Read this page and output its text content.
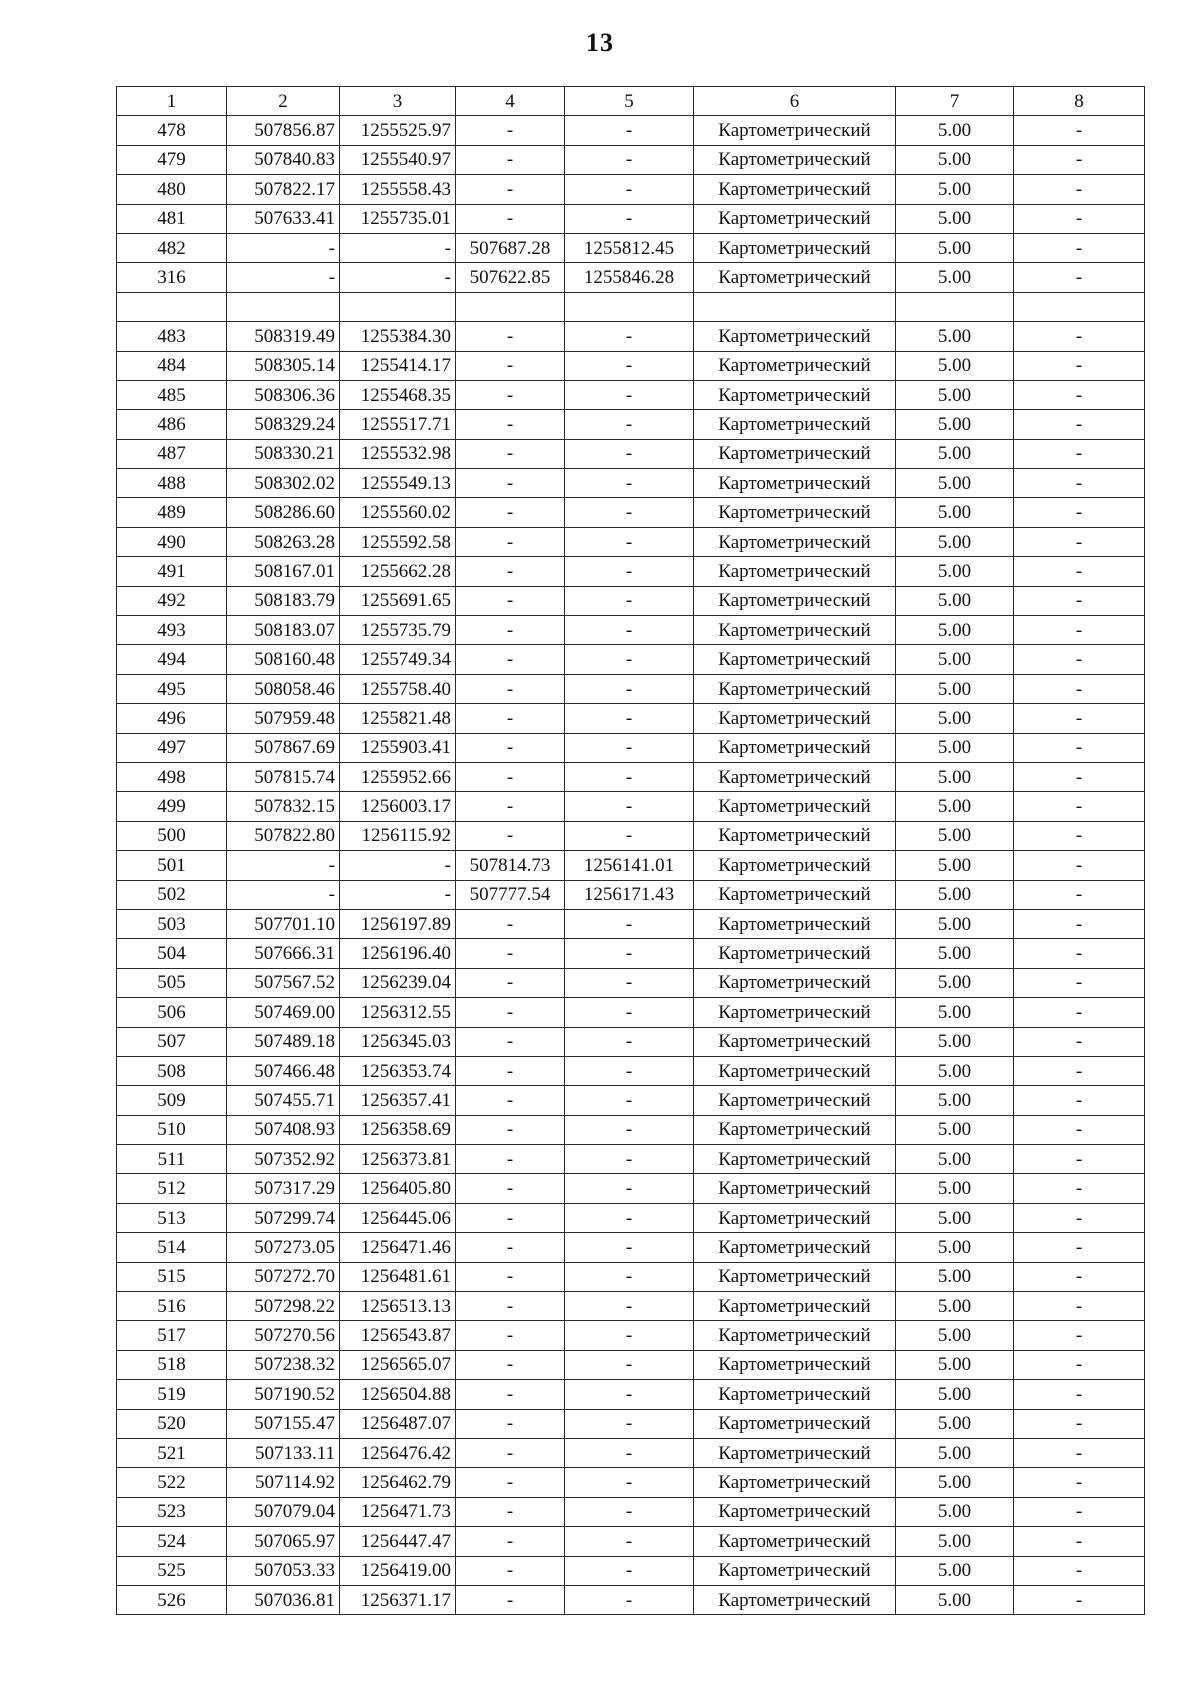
13
1	2	3	4	5	6	7	8
478	507856.87	1255525.97	-	-	Картометрический	5.00	-
479	507840.83	1255540.97	-	-	Картометрический	5.00	-
480	507822.17	1255558.43	-	-	Картометрический	5.00	-
481	507633.41	1255735.01	-	-	Картометрический	5.00	-
482	-	-	507687.28	1255812.45	Картометрический	5.00	-
316	-	-	507622.85	1255846.28	Картометрический	5.00	-

483	508319.49	1255384.30	-	-	Картометрический	5.00	-
484	508305.14	1255414.17	-	-	Картометрический	5.00	-
485	508306.36	1255468.35	-	-	Картометрический	5.00	-
486	508329.24	1255517.71	-	-	Картометрический	5.00	-
487	508330.21	1255532.98	-	-	Картометрический	5.00	-
488	508302.02	1255549.13	-	-	Картометрический	5.00	-
489	508286.60	1255560.02	-	-	Картометрический	5.00	-
490	508263.28	1255592.58	-	-	Картометрический	5.00	-
491	508167.01	1255662.28	-	-	Картометрический	5.00	-
492	508183.79	1255691.65	-	-	Картометрический	5.00	-
493	508183.07	1255735.79	-	-	Картометрический	5.00	-
494	508160.48	1255749.34	-	-	Картометрический	5.00	-
495	508058.46	1255758.40	-	-	Картометрический	5.00	-
496	507959.48	1255821.48	-	-	Картометрический	5.00	-
497	507867.69	1255903.41	-	-	Картометрический	5.00	-
498	507815.74	1255952.66	-	-	Картометрический	5.00	-
499	507832.15	1256003.17	-	-	Картометрический	5.00	-
500	507822.80	1256115.92	-	-	Картометрический	5.00	-
501	-	-	507814.73	1256141.01	Картометрический	5.00	-
502	-	-	507777.54	1256171.43	Картометрический	5.00	-
503	507701.10	1256197.89	-	-	Картометрический	5.00	-
504	507666.31	1256196.40	-	-	Картометрический	5.00	-
505	507567.52	1256239.04	-	-	Картометрический	5.00	-
506	507469.00	1256312.55	-	-	Картометрический	5.00	-
507	507489.18	1256345.03	-	-	Картометрический	5.00	-
508	507466.48	1256353.74	-	-	Картометрический	5.00	-
509	507455.71	1256357.41	-	-	Картометрический	5.00	-
510	507408.93	1256358.69	-	-	Картометрический	5.00	-
511	507352.92	1256373.81	-	-	Картометрический	5.00	-
512	507317.29	1256405.80	-	-	Картометрический	5.00	-
513	507299.74	1256445.06	-	-	Картометрический	5.00	-
514	507273.05	1256471.46	-	-	Картометрический	5.00	-
515	507272.70	1256481.61	-	-	Картометрический	5.00	-
516	507298.22	1256513.13	-	-	Картометрический	5.00	-
517	507270.56	1256543.87	-	-	Картометрический	5.00	-
518	507238.32	1256565.07	-	-	Картометрический	5.00	-
519	507190.52	1256504.88	-	-	Картометрический	5.00	-
520	507155.47	1256487.07	-	-	Картометрический	5.00	-
521	507133.11	1256476.42	-	-	Картометрический	5.00	-
522	507114.92	1256462.79	-	-	Картометрический	5.00	-
523	507079.04	1256471.73	-	-	Картометрический	5.00	-
524	507065.97	1256447.47	-	-	Картометрический	5.00	-
525	507053.33	1256419.00	-	-	Картометрический	5.00	-
526	507036.81	1256371.17	-	-	Картометрический	5.00	-
